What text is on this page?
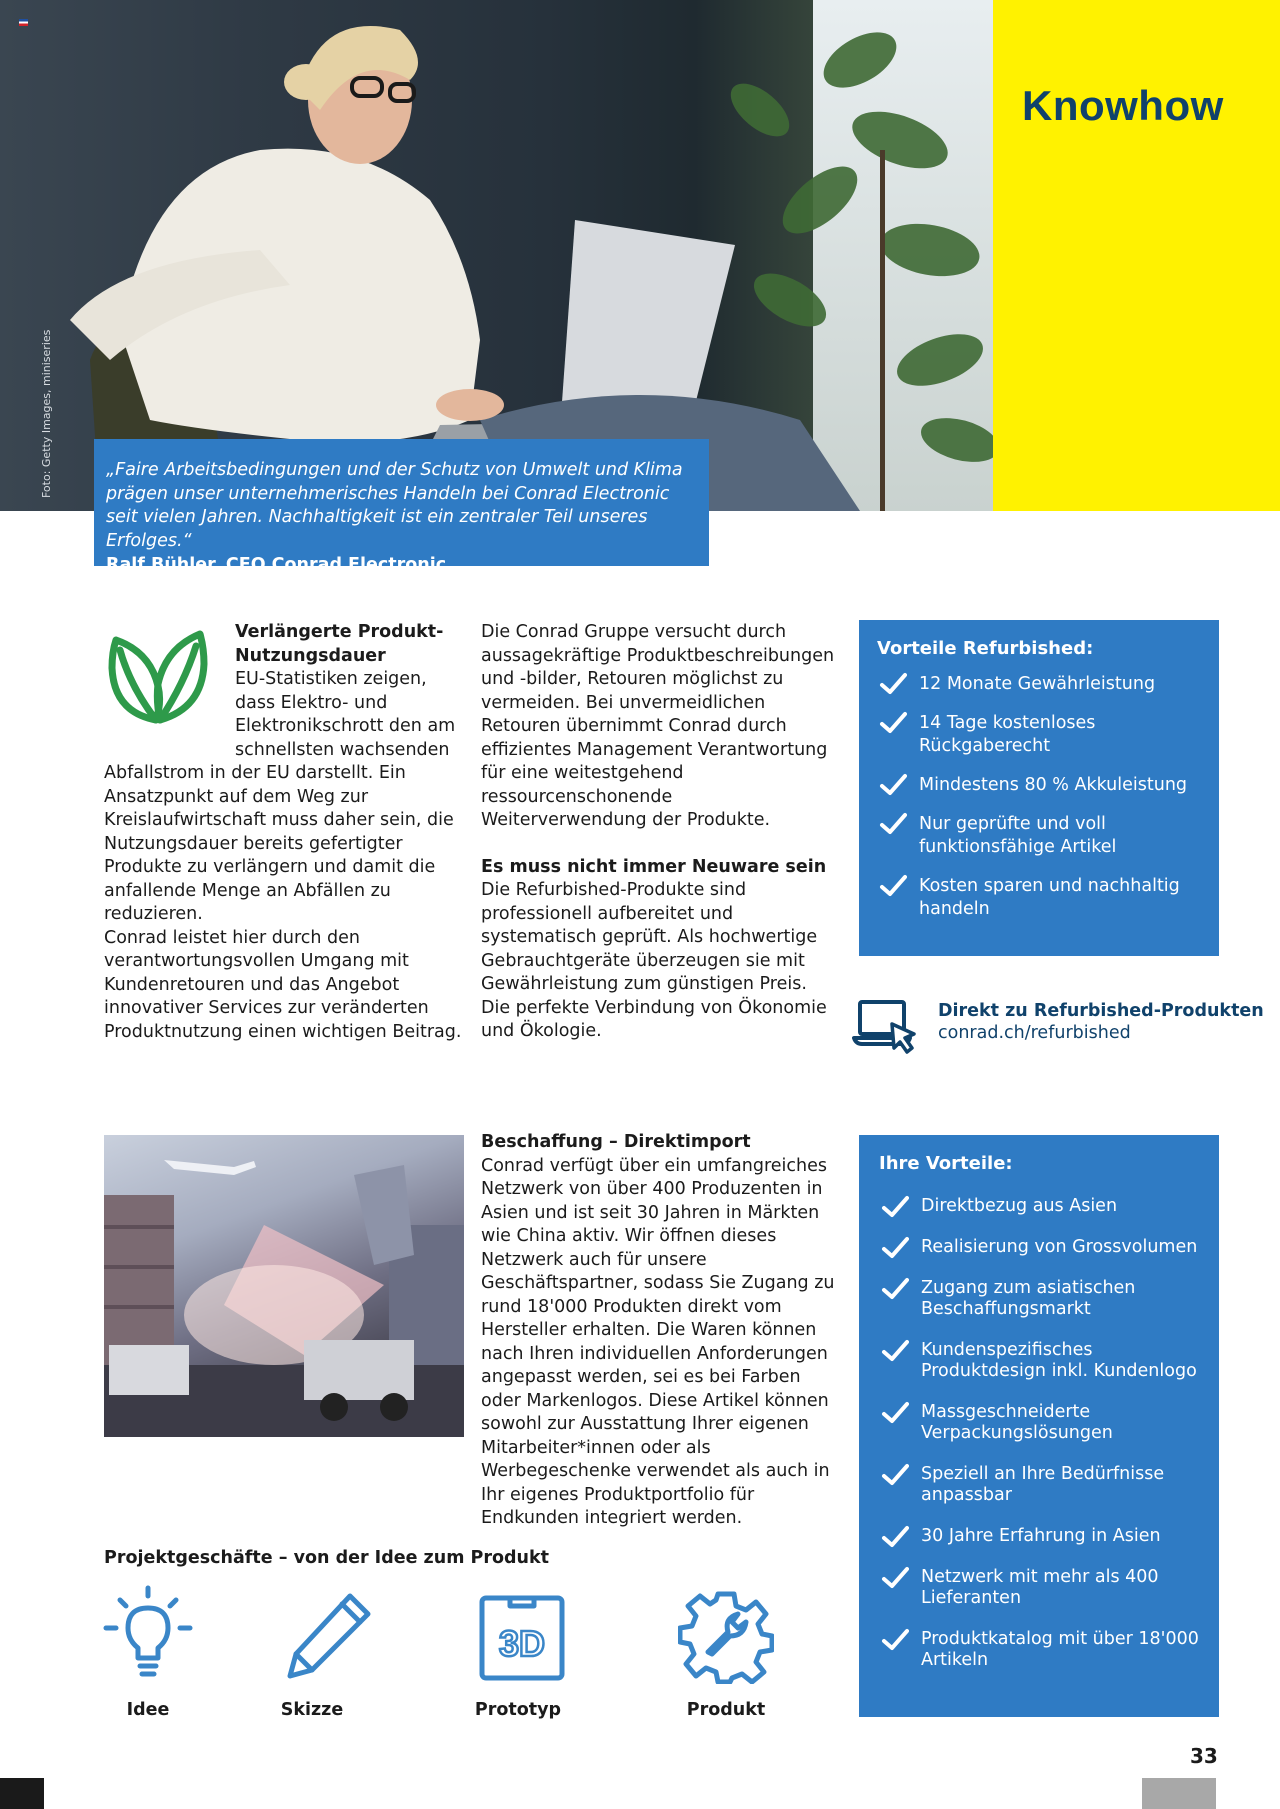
Foto: Getty Images, miniseries
Knowhow
„Faire Arbeitsbedingungen und der Schutz von Umwelt und Klima prägen unser unternehmerisches Handeln bei Conrad Electronic seit vielen Jahren. Nachhaltigkeit ist ein zentraler Teil unseres Erfolges.“
Ralf Bühler, CEO Conrad Electronic
Verlängerte Produkt-Nutzungsdauer
EU-Statistiken zeigen, dass Elektro- und Elektronikschrott den am schnellsten wachsenden Abfallstrom in der EU darstellt. Ein Ansatzpunkt auf dem Weg zur Kreislaufwirtschaft muss daher sein, die Nutzungsdauer bereits gefertigter Produkte zu verlängern und damit die anfallende Menge an Abfällen zu reduzieren.
Conrad leistet hier durch den verantwortungsvollen Umgang mit Kundenretouren und das Angebot innovativer Services zur veränderten Produktnutzung einen wichtigen Beitrag.
Die Conrad Gruppe versucht durch aussagekräftige Produktbeschreibungen und -bilder, Retouren möglichst zu vermeiden. Bei unvermeidlichen Retouren übernimmt Conrad durch effizientes Management Verantwortung für eine weitestgehend ressourcenschonende Weiterverwendung der Produkte.
Es muss nicht immer Neuware sein
Die Refurbished-Produkte sind professionell aufbereitet und systematisch geprüft. Als hochwertige Gebrauchtgeräte überzeugen sie mit Gewährleistung zum günstigen Preis. Die perfekte Verbindung von Ökonomie und Ökologie.
Vorteile Refurbished:
12 Monate Gewährleistung
14 Tage kostenloses Rückgaberecht
Mindestens 80 % Akkuleistung
Nur geprüfte und voll funktionsfähige Artikel
Kosten sparen und nachhaltig handeln
Direkt zu Refurbished-Produkten
conrad.ch/refurbished
Beschaffung – Direktimport
Conrad verfügt über ein umfangreiches Netzwerk von über 400 Produzenten in Asien und ist seit 30 Jahren in Märkten wie China aktiv. Wir öffnen dieses Netzwerk auch für unsere Geschäftspartner, sodass Sie Zugang zu rund 18'000 Produkten direkt vom Hersteller erhalten. Die Waren können nach Ihren individuellen Anforderungen angepasst werden, sei es bei Farben oder Markenlogos. Diese Artikel können sowohl zur Ausstattung Ihrer eigenen Mitarbeiter*innen oder als Werbegeschenke verwendet als auch in Ihr eigenes Produktportfolio für Endkunden integriert werden.
Ihre Vorteile:
Direktbezug aus Asien
Realisierung von Grossvolumen
Zugang zum asiatischen Beschaffungsmarkt
Kundenspezifisches Produktdesign inkl. Kundenlogo
Massgeschneiderte Verpackungslösungen
Speziell an Ihre Bedürfnisse anpassbar
30 Jahre Erfahrung in Asien
Netzwerk mit mehr als 400 Lieferanten
Produktkatalog mit über 18'000 Artikeln
Projektgeschäfte – von der Idee zum Produkt
3D
Idee	Skizze	Prototyp	Produkt
33
